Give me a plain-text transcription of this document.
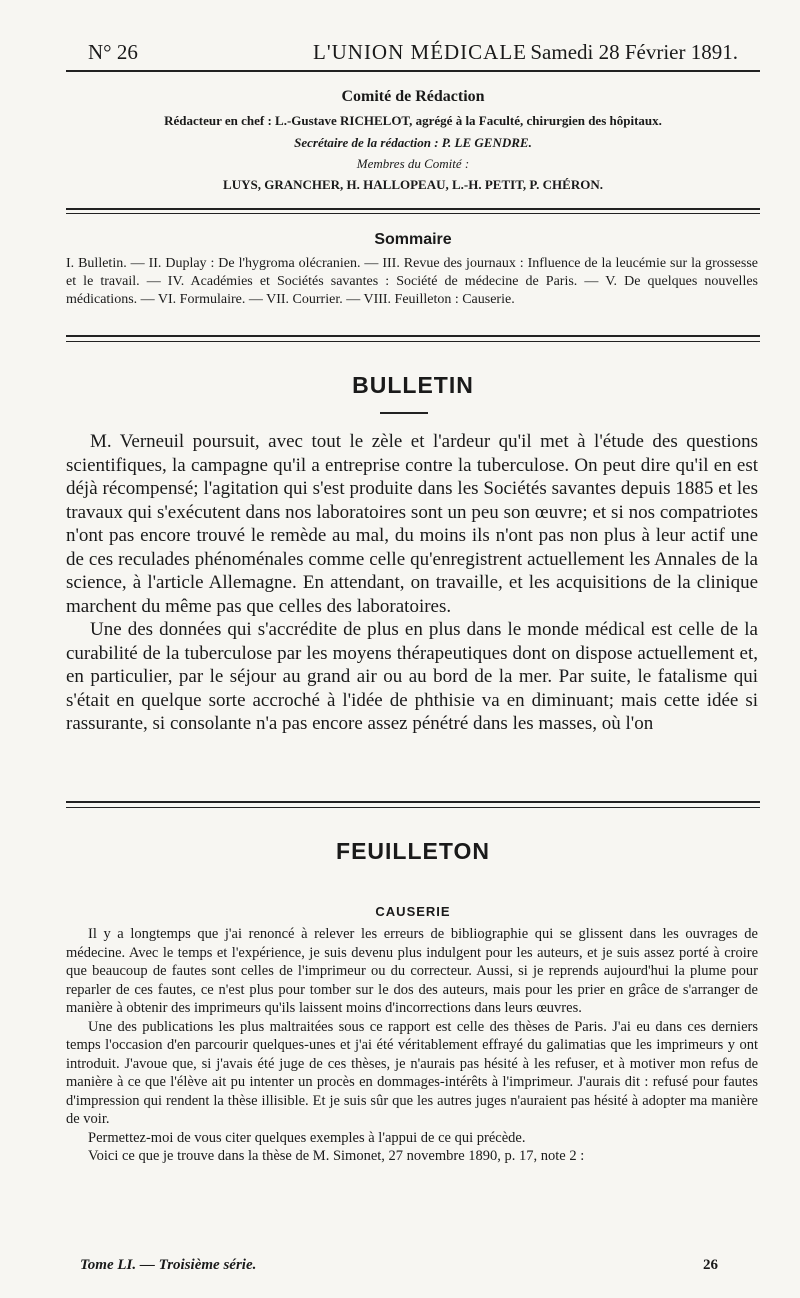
N° 26	L'UNION MÉDICALE Samedi 28 Février 1891.
Comité de Rédaction
Rédacteur en chef : L.-Gustave RICHELOT, agrégé à la Faculté, chirurgien des hôpitaux.
Secrétaire de la rédaction : P. LE GENDRE.
Membres du Comité :
LUYS, GRANCHER, H. HALLOPEAU, L.-H. PETIT, P. CHÉRON.
Sommaire
I. Bulletin. — II. Duplay : De l'hygroma olécranien. — III. Revue des journaux : Influence de la leucémie sur la grossesse et le travail. — IV. Académies et Sociétés savantes : Société de médecine de Paris. — V. De quelques nouvelles médications. — VI. Formulaire. — VII. Courrier. — VIII. Feuilleton : Causerie.
BULLETIN

M. Verneuil poursuit, avec tout le zèle et l'ardeur qu'il met à l'étude des questions scientifiques, la campagne qu'il a entreprise contre la tuberculose. On peut dire qu'il en est déjà récompensé; l'agitation qui s'est produite dans les Sociétés savantes depuis 1885 et les travaux qui s'exécutent dans nos laboratoires sont un peu son œuvre; et si nos compatriotes n'ont pas encore trouvé le remède au mal, du moins ils n'ont pas non plus à leur actif une de ces reculades phénoménales comme celle qu'enregistrent actuellement les Annales de la science, à l'article Allemagne. En attendant, on travaille, et les acquisitions de la clinique marchent du même pas que celles des laboratoires.

Une des données qui s'accrédite de plus en plus dans le monde médical est celle de la curabilité de la tuberculose par les moyens thérapeutiques dont on dispose actuellement et, en particulier, par le séjour au grand air ou au bord de la mer. Par suite, le fatalisme qui s'était en quelque sorte accroché à l'idée de phthisie va en diminuant; mais cette idée si rassurante, si consolante n'a pas encore assez pénétré dans les masses, où l'on

FEUILLETON
CAUSERIE

Il y a longtemps que j'ai renoncé à relever les erreurs de bibliographie qui se glissent dans les ouvrages de médecine. Avec le temps et l'expérience, je suis devenu plus indulgent pour les auteurs, et je suis assez porté à croire que beaucoup de fautes sont celles de l'imprimeur ou du correcteur. Aussi, si je reprends aujourd'hui la plume pour reparler de ces fautes, ce n'est plus pour tomber sur le dos des auteurs, mais pour les prier en grâce de s'arranger de manière à obtenir des imprimeurs qu'ils laissent moins d'incorrections dans leurs œuvres.

Une des publications les plus maltraitées sous ce rapport est celle des thèses de Paris. J'ai eu dans ces derniers temps l'occasion d'en parcourir quelques-unes et j'ai été véritablement effrayé du galimatias que les imprimeurs y ont introduit. J'avoue que, si j'avais été juge de ces thèses, je n'aurais pas hésité à les refuser, et à motiver mon refus de manière à ce que l'élève ait pu intenter un procès en dommages-intérêts à l'imprimeur. J'aurais dit : refusé pour fautes d'impression qui rendent la thèse illisible. Et je suis sûr que les autres juges n'auraient pas hésité à adopter ma manière de voir.

Permettez-moi de vous citer quelques exemples à l'appui de ce qui précède.

Voici ce que je trouve dans la thèse de M. Simonet, 27 novembre 1890, p. 17, note 2 :

Tome LI. — Troisième série.	26
